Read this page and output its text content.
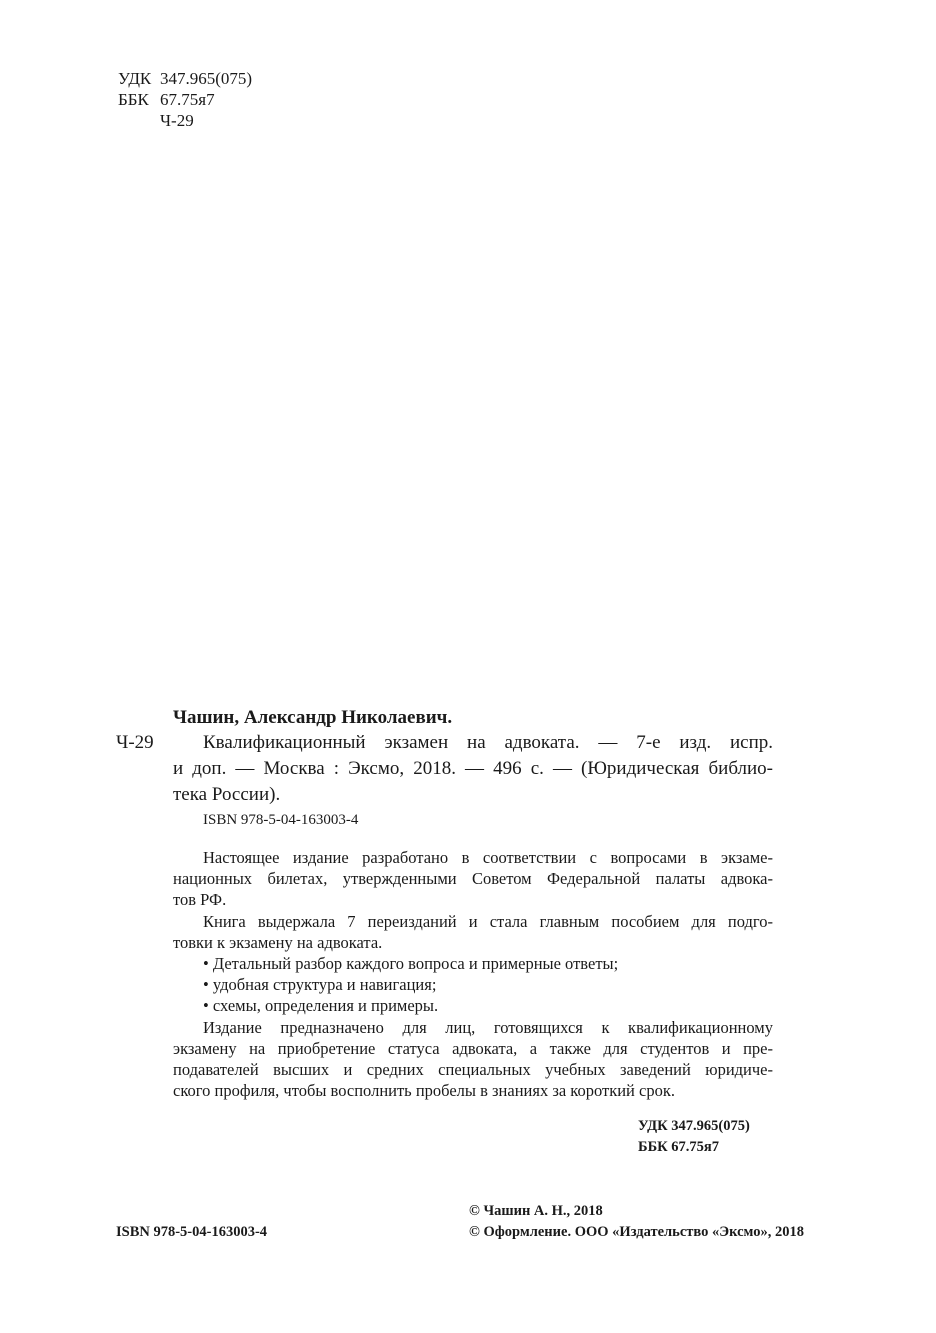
УДК 347.965(075)
ББК 67.75я7
Ч-29
Чашин, Александр Николаевич.
Ч-29	Квалификационный экзамен на адвоката. — 7-е изд. испр.
и доп. — Москва : Эксмо, 2018. — 496 с. — (Юридическая библио-
тека России).
ISBN 978-5-04-163003-4
Настоящее издание разработано в соответствии с вопросами в экзаме-
национных билетах, утвержденными Советом Федеральной палаты адвока-
тов РФ.
Книга выдержала 7 переизданий и стала главным пособием для подго-
товки к экзамену на адвоката.
• Детальный разбор каждого вопроса и примерные ответы;
• удобная структура и навигация;
• схемы, определения и примеры.
Издание предназначено для лиц, готовящихся к квалификационному
экзамену на приобретение статуса адвоката, а также для студентов и пре-
подавателей высших и средних специальных учебных заведений юридиче-
ского профиля, чтобы восполнить пробелы в знаниях за короткий срок.
УДК 347.965(075)
ББК 67.75я7
© Чашин А. Н., 2018
© Оформление. ООО «Издательство «Эксмо», 2018
ISBN 978-5-04-163003-4
